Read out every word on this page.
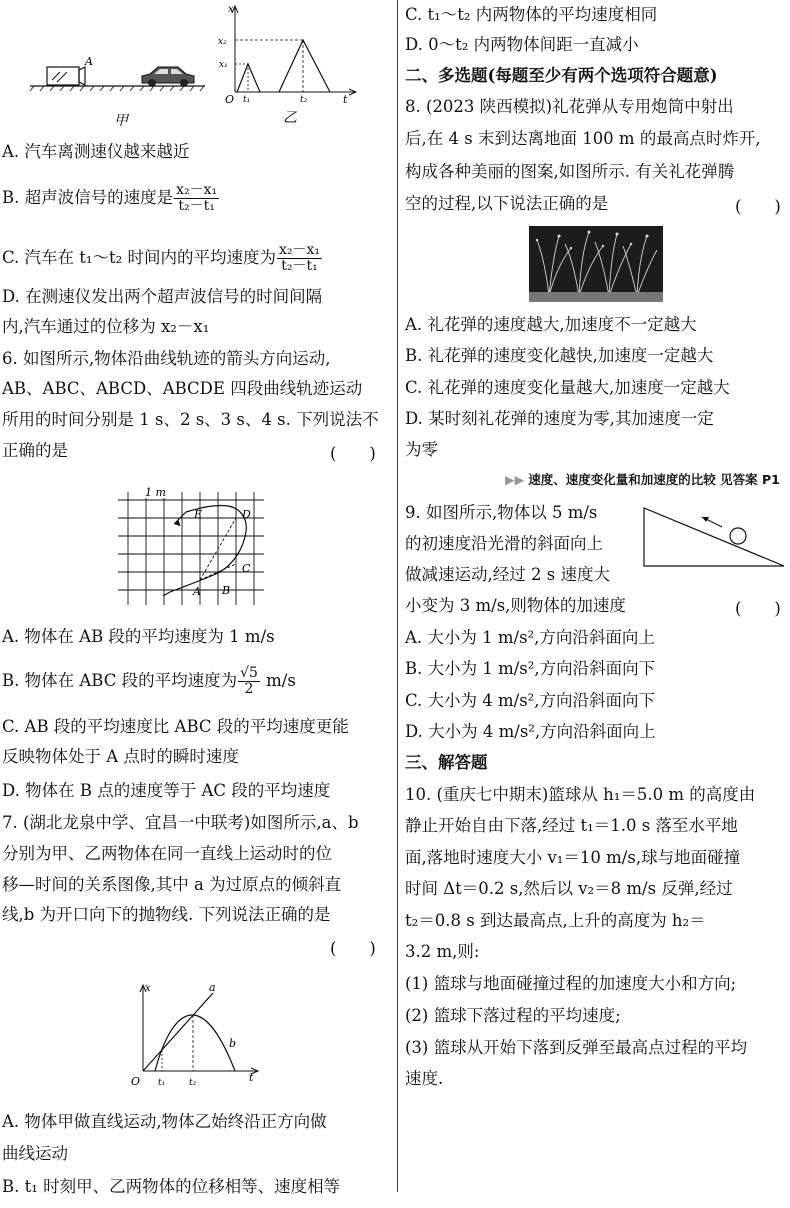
A
甲
x
x₂
x₁
O t₁	t₂	t
乙
A. 汽车离测速仪越来越近
B. 超声波信号的速度是 $\frac{\text{x₂－x₁}}{\text{t₂－t₁}}$
C. 汽车在 t₁～t₂ 时间内的平均速度为 $\frac{\text{x₂－x₁}}{\text{t₂－t₁}}$
D. 在测速仪发出两个超声波信号的时间间隔
内,汽车通过的位移为 x₂－x₁
6. 如图所示,物体沿曲线轨迹的箭头方向运动,
AB、ABC、ABCD、ABCDE 四段曲线轨迹运动
所用的时间分别是 1 s、2 s、3 s、4 s. 下列说法不
正确的是	(　　)
1 m
A B
C
D
E
A. 物体在 AB 段的平均速度为 1 m/s
B. 物体在 ABC 段的平均速度为 $\frac{√5}{2} m/s$
C. AB 段的平均速度比 ABC 段的平均速度更能
反映物体处于 A 点时的瞬时速度
D. 物体在 B 点的速度等于 AC 段的平均速度
7. (湖北龙泉中学、宜昌一中联考)如图所示,a、b
分别为甲、乙两物体在同一直线上运动时的位
移—时间的关系图像,其中 a 为过原点的倾斜直
线,b 为开口向下的抛物线. 下列说法正确的是
(　　)
x
O t₁	t₂	t
a
b
A. 物体甲做直线运动,物体乙始终沿正方向做
曲线运动
B. t₁ 时刻甲、乙两物体的位移相等、速度相等
C. t₁～t₂ 内两物体的平均速度相同
D. 0～t₂ 内两物体间距一直减小
二、多选题(每题至少有两个选项符合题意)
8. (2023 陕西模拟)礼花弹从专用炮筒中射出
后,在 4 s 末到达离地面 100 m 的最高点时炸开,
构成各种美丽的图案,如图所示. 有关礼花弹腾
空的过程,以下说法正确的是	(　　)
A. 礼花弹的速度越大,加速度不一定越大
B. 礼花弹的速度变化越快,加速度一定越大
C. 礼花弹的速度变化量越大,加速度一定越大
D. 某时刻礼花弹的速度为零,其加速度一定
为零
▶▶ 速度、速度变化量和加速度的比较 见答案 P1
9. 如图所示,物体以 5 m/s
的初速度沿光滑的斜面向上
做减速运动,经过 2 s 速度大
小变为 3 m/s,则物体的加速度	(　　)
A. 大小为 1 m/s²,方向沿斜面向上
B. 大小为 1 m/s²,方向沿斜面向下
C. 大小为 4 m/s²,方向沿斜面向下
D. 大小为 4 m/s²,方向沿斜面向上
三、解答题
10. (重庆七中期末)篮球从 h₁＝5.0 m 的高度由
静止开始自由下落,经过 t₁＝1.0 s 落至水平地
面,落地时速度大小 v₁＝10 m/s,球与地面碰撞
时间 Δt＝0.2 s,然后以 v₂＝8 m/s 反弹,经过
t₂＝0.8 s 到达最高点,上升的高度为 h₂＝
3.2 m,则:
(1) 篮球与地面碰撞过程的加速度大小和方向;
(2) 篮球下落过程的平均速度;
(3) 篮球从开始下落到反弹至最高点过程的平均
速度.
